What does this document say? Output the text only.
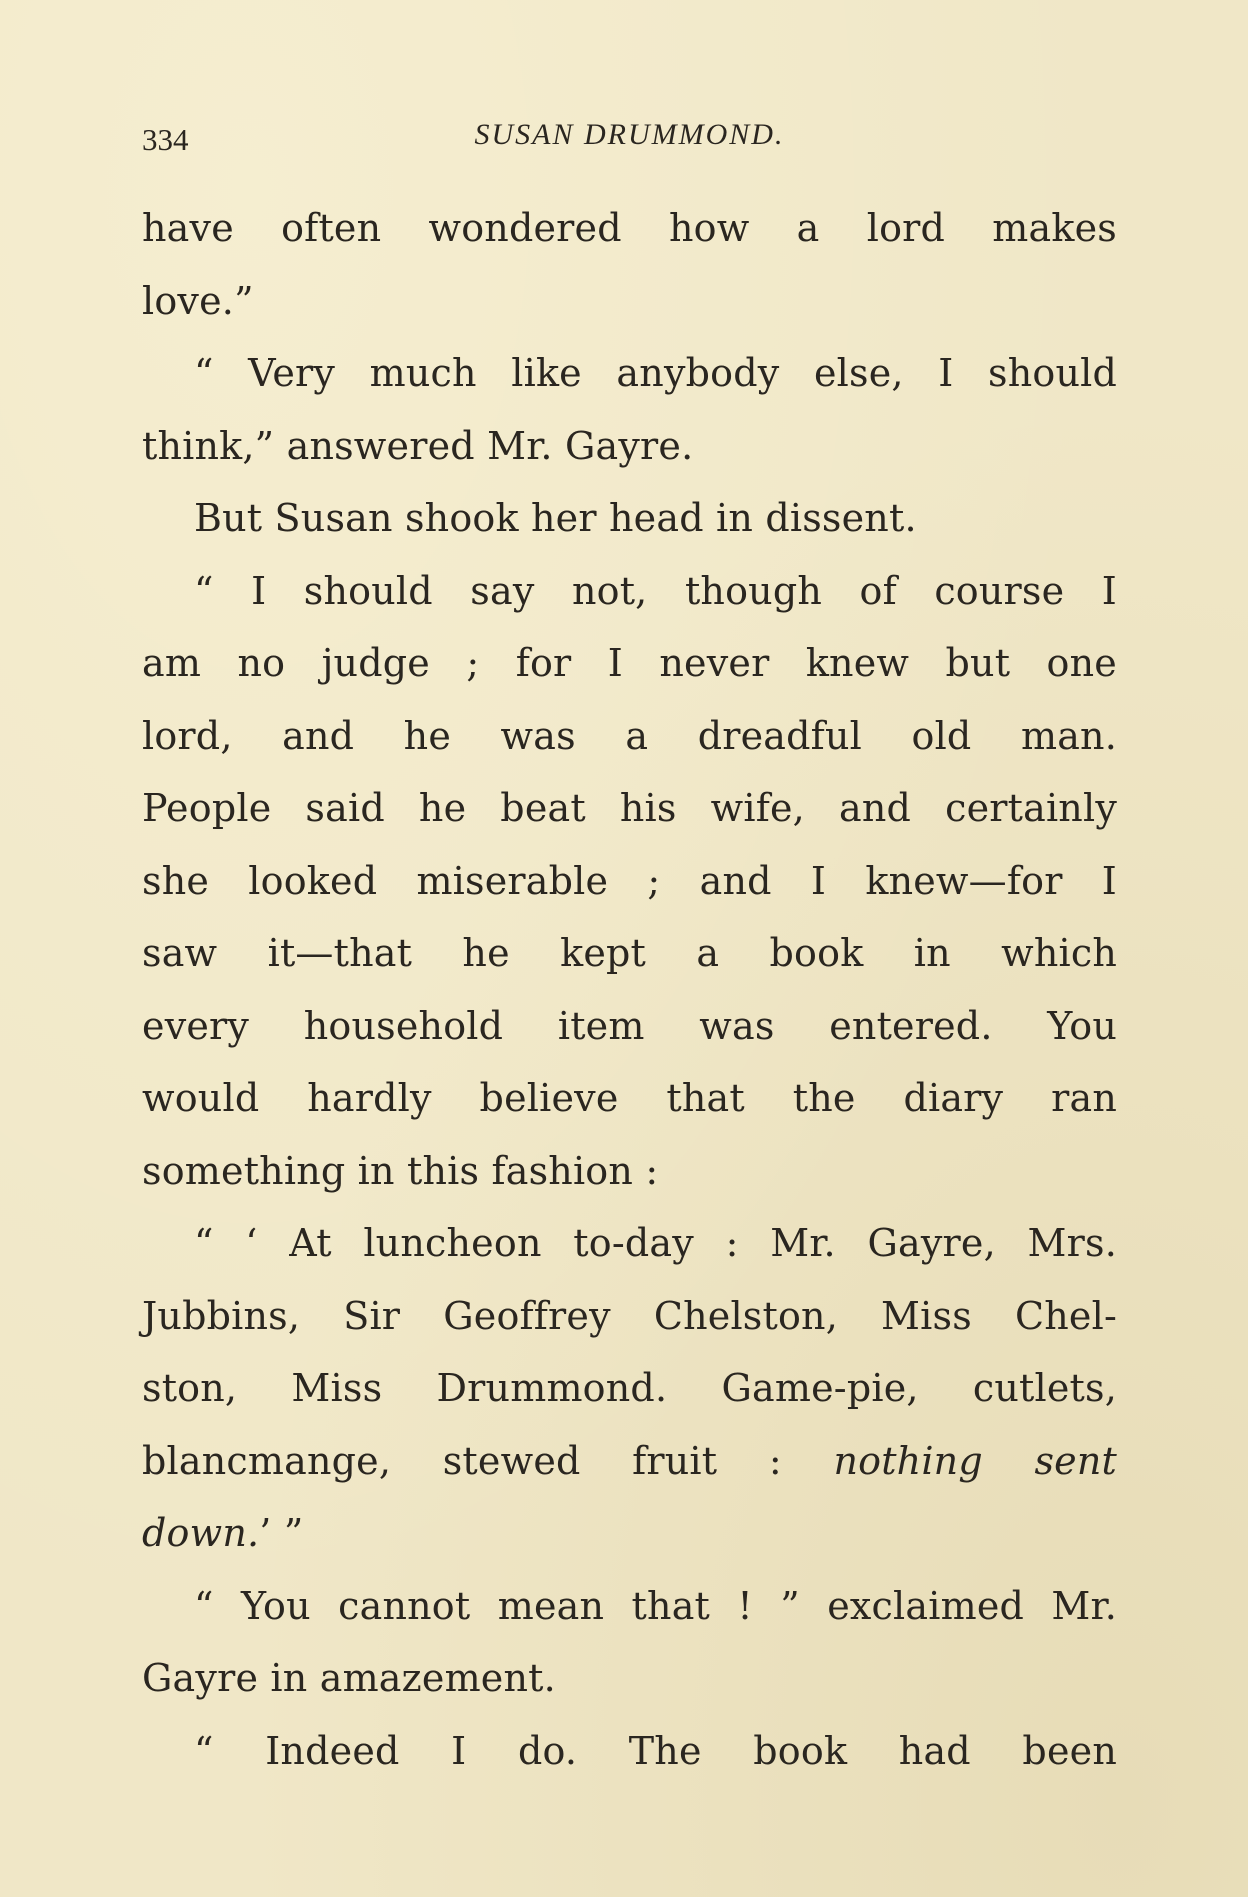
334	SUSAN DRUMMOND.
have often wondered how a lord makes
love.”
“ Very much like anybody else, I should
think,” answered Mr. Gayre.
But Susan shook her head in dissent.
“ I should say not, though of course I
am no judge ; for I never knew but one
lord, and he was a dreadful old man.
People said he beat his wife, and certainly
she looked miserable ; and I knew—for I
saw it—that he kept a book in which
every household item was entered. You
would hardly believe that the diary ran
something in this fashion :
“ ‘ At luncheon to-day : Mr. Gayre, Mrs.
Jubbins, Sir Geoffrey Chelston, Miss Chel-
ston, Miss Drummond. Game-pie, cutlets,
blancmange, stewed fruit : nothing sent
down.’ ”
“ You cannot mean that ! ” exclaimed Mr.
Gayre in amazement.
“ Indeed I do. The book had been
